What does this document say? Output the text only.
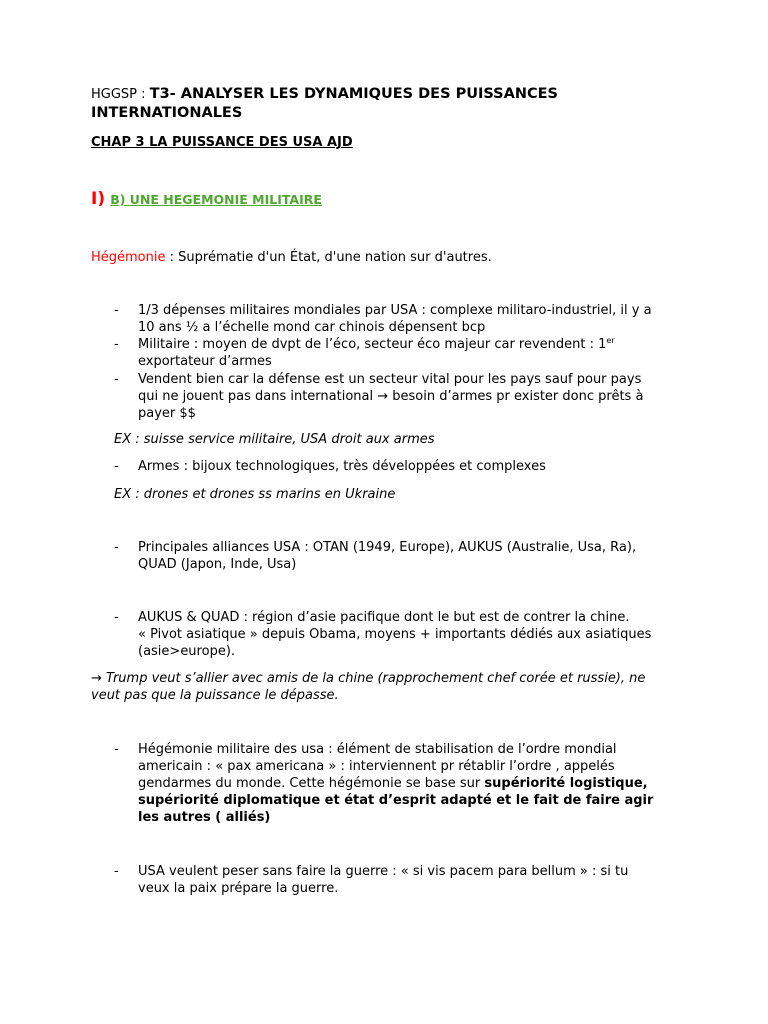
HGGSP : T3- ANALYSER LES DYNAMIQUES DES PUISSANCES
INTERNATIONALES
CHAP 3 LA PUISSANCE DES USA AJD
I) B) UNE HEGEMONIE MILITAIRE
Hégémonie : Suprématie d'un État, d'une nation sur d'autres.
- 1/3 dépenses militaires mondiales par USA : complexe militaro-industriel, il y a
10 ans ½ a l’échelle mond car chinois dépensent bcp
- Militaire : moyen de dvpt de l’éco, secteur éco majeur car revendent : 1er
exportateur d’armes
- Vendent bien car la défense est un secteur vital pour les pays sauf pour pays
qui ne jouent pas dans international → besoin d’armes pr exister donc prêts à
payer $$
EX : suisse service militaire, USA droit aux armes
- Armes : bijoux technologiques, très développées et complexes
EX : drones et drones ss marins en Ukraine
- Principales alliances USA : OTAN (1949, Europe), AUKUS (Australie, Usa, Ra),
QUAD (Japon, Inde, Usa)
- AUKUS & QUAD : région d’asie pacifique dont le but est de contrer la chine.
« Pivot asiatique » depuis Obama, moyens + importants dédiés aux asiatiques
(asie>europe).
→ Trump veut s’allier avec amis de la chine (rapprochement chef corée et russie), ne
veut pas que la puissance le dépasse.
- Hégémonie militaire des usa : élément de stabilisation de l’ordre mondial
americain : « pax americana » : interviennent pr rétablir l’ordre , appelés
gendarmes du monde. Cette hégémonie se base sur supériorité logistique,
supériorité diplomatique et état d’esprit adapté et le fait de faire agir
les autres ( alliés)
- USA veulent peser sans faire la guerre : « si vis pacem para bellum » : si tu
veux la paix prépare la guerre.
